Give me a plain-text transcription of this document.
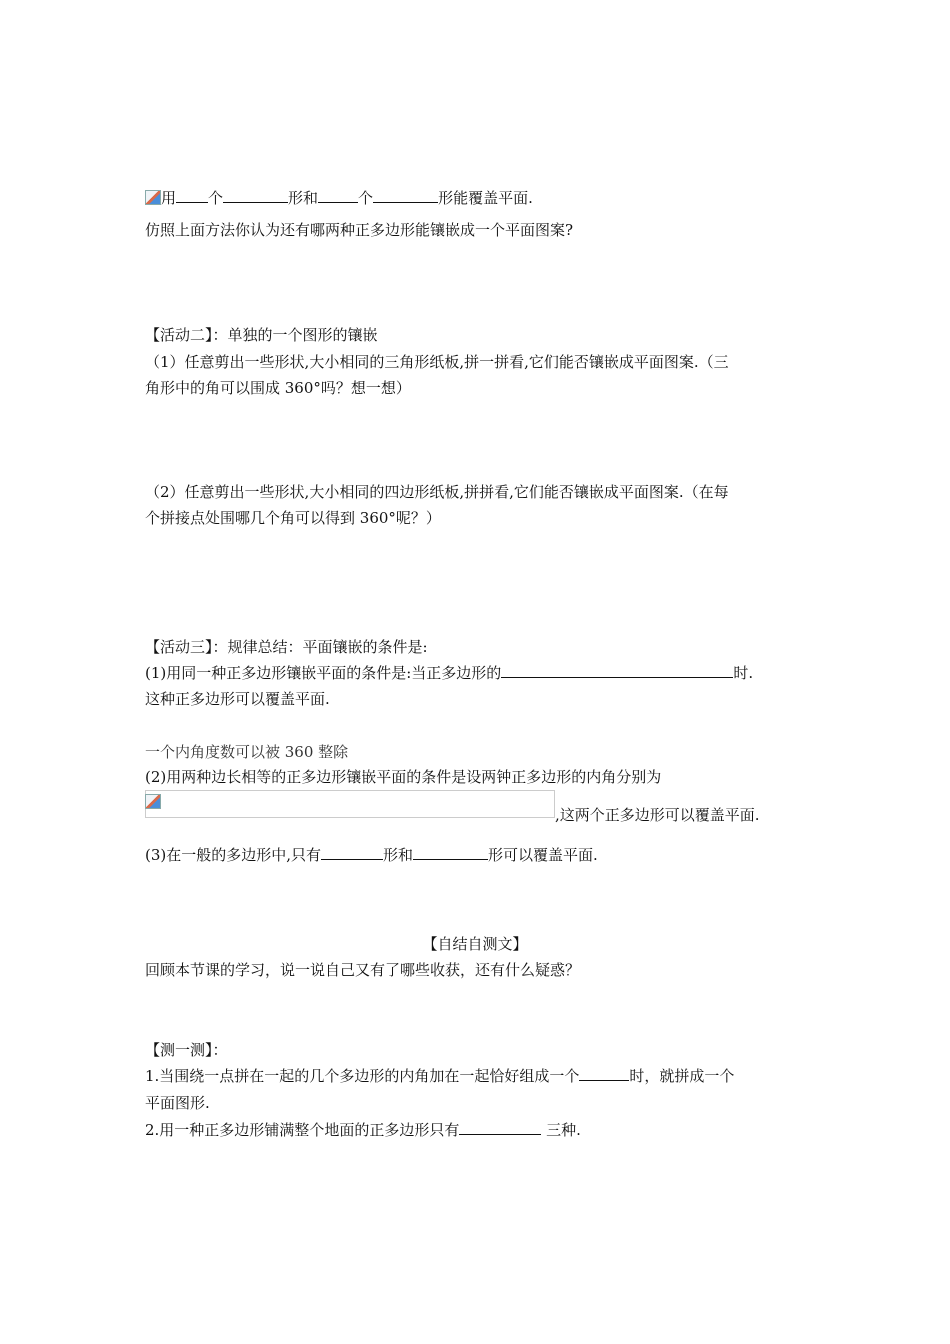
用 个	形和	个	形能覆盖平面.
仿照上面方法你认为还有哪两种正多边形能镶嵌成一个平面图案?
【活动二】：单独的一个图形的镶嵌
（1）任意剪出一些形状,大小相同的三角形纸板,拼一拼看,它们能否镶嵌成平面图案.（三
角形中的角可以围成 360°吗？想一想）
（2）任意剪出一些形状,大小相同的四边形纸板,拼拼看,它们能否镶嵌成平面图案.（在每
个拼接点处围哪几个角可以得到 360°呢？）
【活动三】：规律总结：平面镶嵌的条件是:
(1)用同一种正多边形镶嵌平面的条件是:当正多边形的	时.
这种正多边形可以覆盖平面.
一个内角度数可以被 360 整除
(2)用两种边长相等的正多边形镶嵌平面的条件是设两钟正多边形的内角分别为
,这两个正多边形可以覆盖平面.
(3)在一般的多边形中,只有	形和	形可以覆盖平面.
【自结自测文】
回顾本节课的学习，说一说自己又有了哪些收获，还有什么疑惑？
【测一测】：
1.当围绕一点拼在一起的几个多边形的内角加在一起恰好组成一个	时，就拼成一个
平面图形.
2.用一种正多边形铺满整个地面的正多边形只有	三种.
